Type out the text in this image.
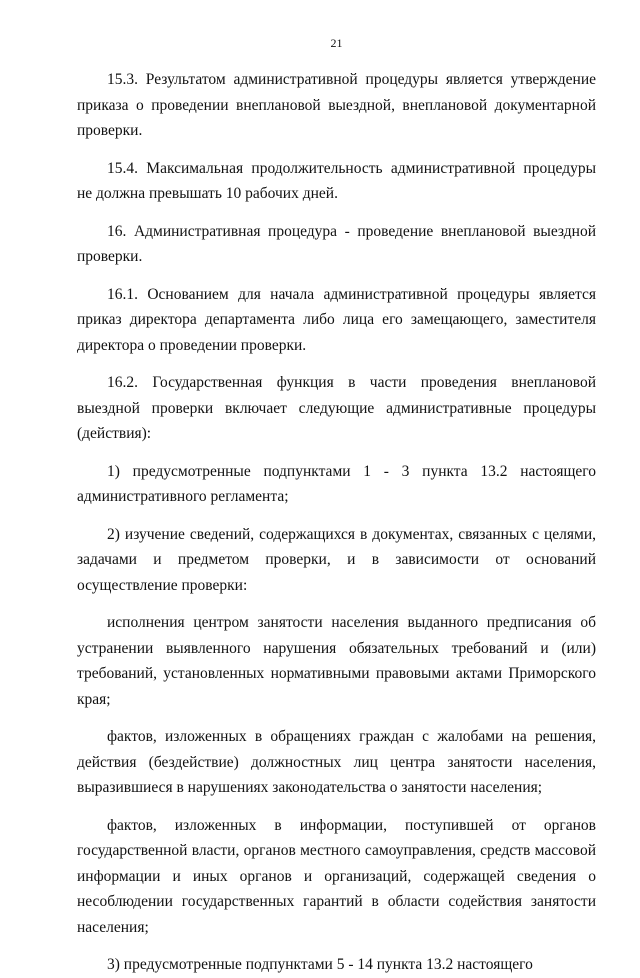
21

15.3. Результатом административной процедуры является утверждение приказа о проведении внеплановой выездной, внеплановой документарной проверки.

15.4. Максимальная продолжительность административной процедуры не должна превышать 10 рабочих дней.

16. Административная процедура - проведение внеплановой выездной проверки.

16.1. Основанием для начала административной процедуры является приказ директора департамента либо лица его замещающего, заместителя директора о проведении проверки.

16.2. Государственная функция в части проведения внеплановой выездной проверки включает следующие административные процедуры (действия):

1) предусмотренные подпунктами 1 - 3 пункта 13.2 настоящего административного регламента;

2) изучение сведений, содержащихся в документах, связанных с целями, задачами и предметом проверки, и в зависимости от оснований осуществление проверки:

исполнения центром занятости населения выданного предписания об устранении выявленного нарушения обязательных требований и (или) требований, установленных нормативными правовыми актами Приморского края;

фактов, изложенных в обращениях граждан с жалобами на решения, действия (бездействие) должностных лиц центра занятости населения, выразившиеся в нарушениях законодательства о занятости населения;

фактов, изложенных в информации, поступившей от органов государственной власти, органов местного самоуправления, средств массовой информации и иных органов и организаций, содержащей сведения о несоблюдении государственных гарантий в области содействия занятости населения;

3) предусмотренные подпунктами 5 - 14 пункта 13.2 настоящего
